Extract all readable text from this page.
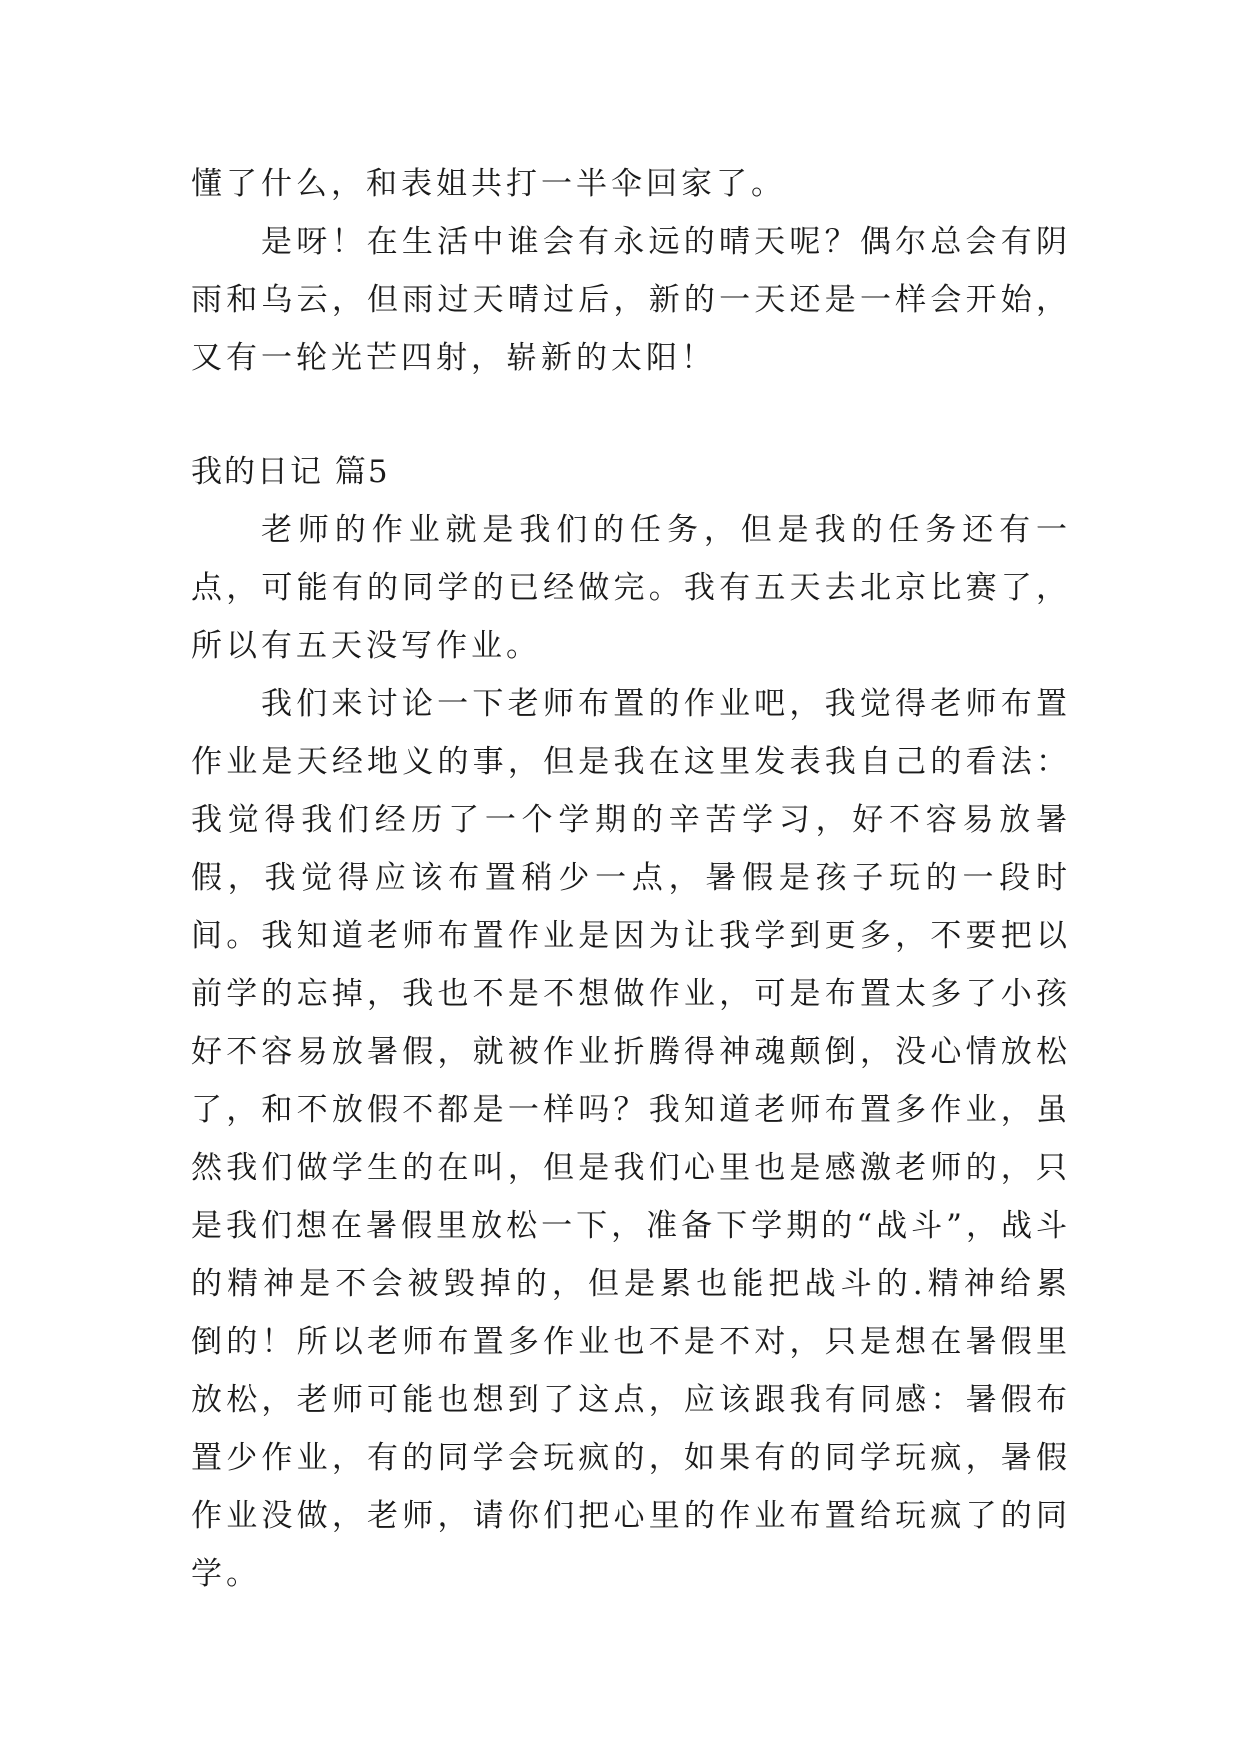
懂了什么，和表姐共打一半伞回家了。

是呀！在生活中谁会有永远的晴天呢？偶尔总会有阴雨和乌云，但雨过天晴过后，新的一天还是一样会开始，又有一轮光芒四射，崭新的太阳！

我的日记 篇5

老师的作业就是我们的任务，但是我的任务还有一点，可能有的同学的已经做完。我有五天去北京比赛了，所以有五天没写作业。

我们来讨论一下老师布置的作业吧，我觉得老师布置作业是天经地义的事，但是我在这里发表我自己的看法：我觉得我们经历了一个学期的辛苦学习，好不容易放暑假，我觉得应该布置稍少一点，暑假是孩子玩的一段时间。我知道老师布置作业是因为让我学到更多，不要把以前学的忘掉，我也不是不想做作业，可是布置太多了小孩好不容易放暑假，就被作业折腾得神魂颠倒，没心情放松了，和不放假不都是一样吗？我知道老师布置多作业，虽然我们做学生的在叫，但是我们心里也是感激老师的，只是我们想在暑假里放松一下，准备下学期的“战斗”，战斗的精神是不会被毁掉的，但是累也能把战斗的.精神给累倒的！所以老师布置多作业也不是不对，只是想在暑假里放松，老师可能也想到了这点，应该跟我有同感：暑假布置少作业，有的同学会玩疯的，如果有的同学玩疯，暑假作业没做，老师，请你们把心里的作业布置给玩疯了的同学。
